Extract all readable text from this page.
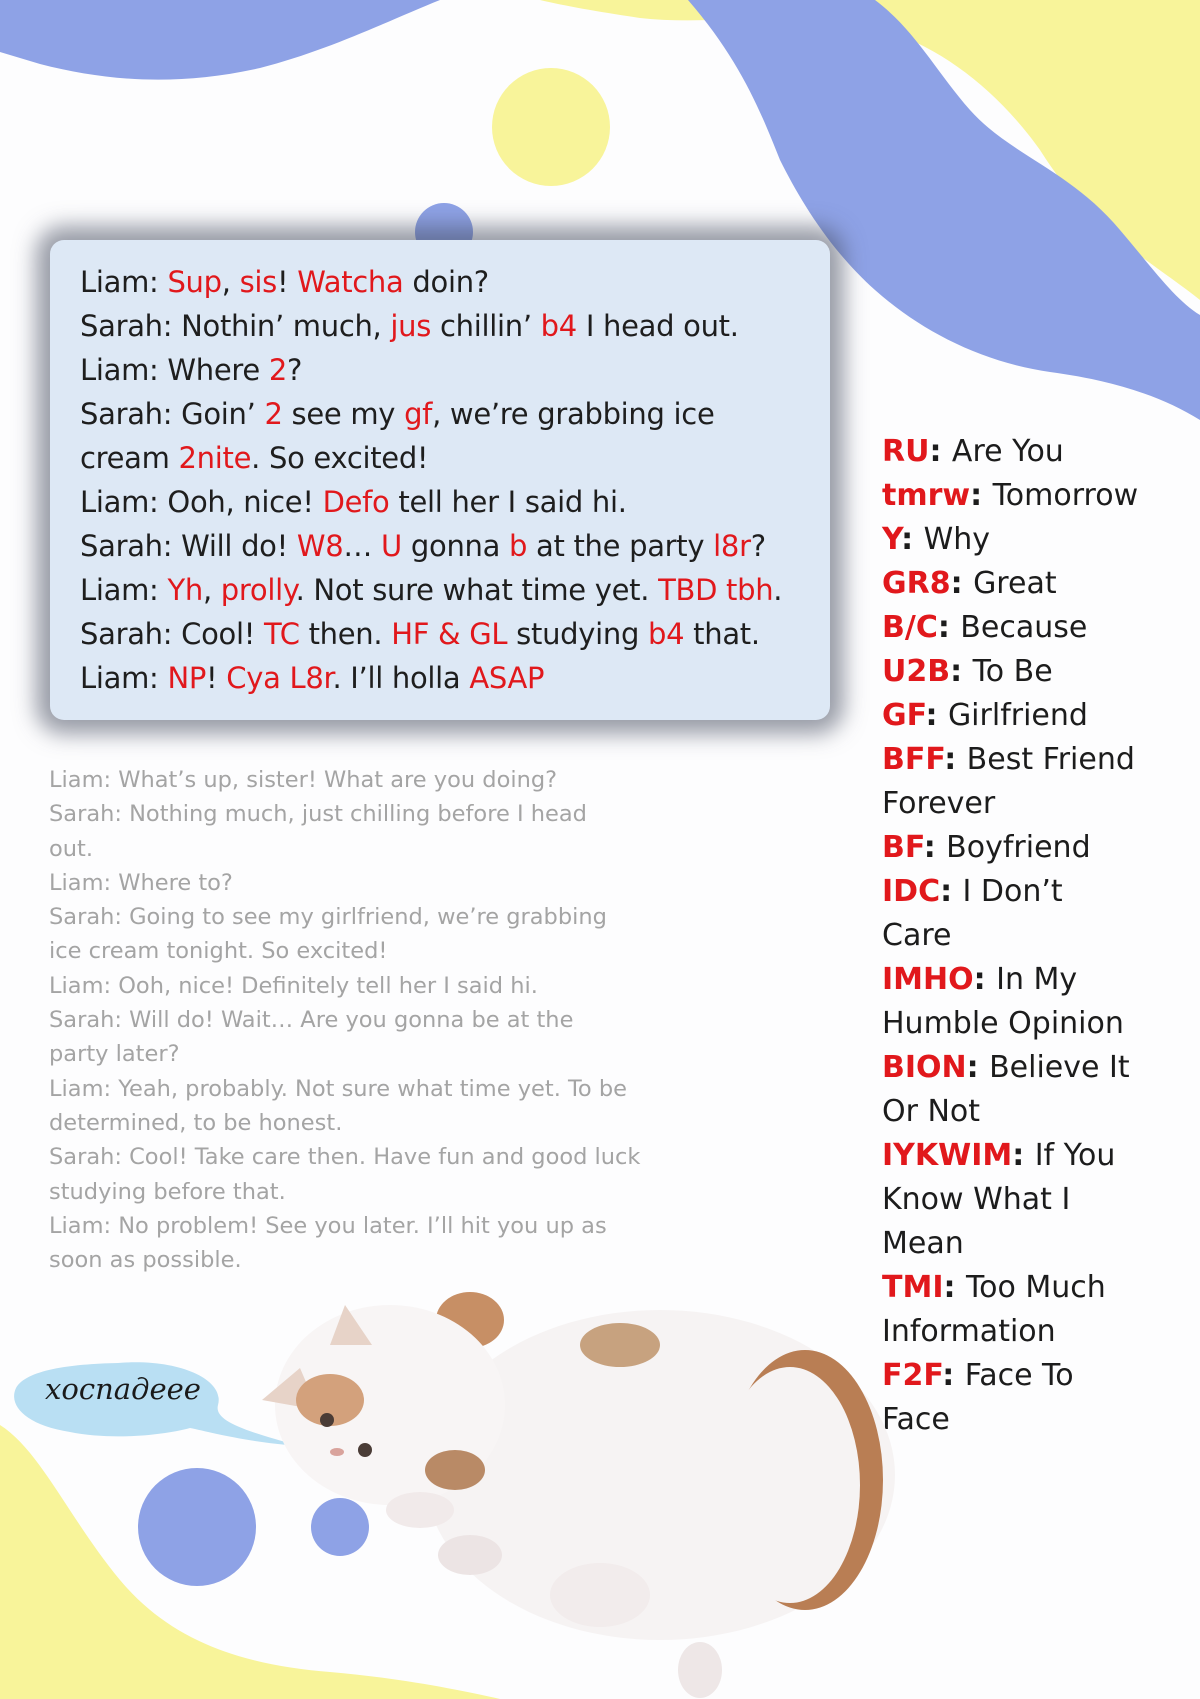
Liam: Sup, sis! Watcha doin?
Sarah: Nothin’ much, jus chillin’ b4 I head out.
Liam: Where 2?
Sarah: Goin’ 2 see my gf, we’re grabbing ice
cream 2nite. So excited!
Liam: Ooh, nice! Defo tell her I said hi.
Sarah: Will do! W8… U gonna b at the party l8r?
Liam: Yh, prolly. Not sure what time yet. TBD tbh.
Sarah: Cool! TC then. HF & GL studying b4 that.
Liam: NP! Cya L8r. I’ll holla ASAP
Liam: What’s up, sister! What are you doing?
Sarah: Nothing much, just chilling before I head
out.
Liam: Where to?
Sarah: Going to see my girlfriend, we’re grabbing
ice cream tonight. So excited!
Liam: Ooh, nice! Definitely tell her I said hi.
Sarah: Will do! Wait… Are you gonna be at the
party later?
Liam: Yeah, probably. Not sure what time yet. To be
determined, to be honest.
Sarah: Cool! Take care then. Have fun and good luck
studying before that.
Liam: No problem! See you later. I’ll hit you up as
soon as possible.
RU: Are You
tmrw: Tomorrow
Y: Why
GR8: Great
B/C: Because
U2B: To Be
GF: Girlfriend
BFF: Best Friend
Forever
BF: Boyfriend
IDC: I Don’t
Care
IMHO: In My
Humble Opinion
BION: Believe It
Or Not
IYKWIM: If You
Know What I
Mean
TMI: Too Much
Information
F2F: Face To
Face
хоспадеее
